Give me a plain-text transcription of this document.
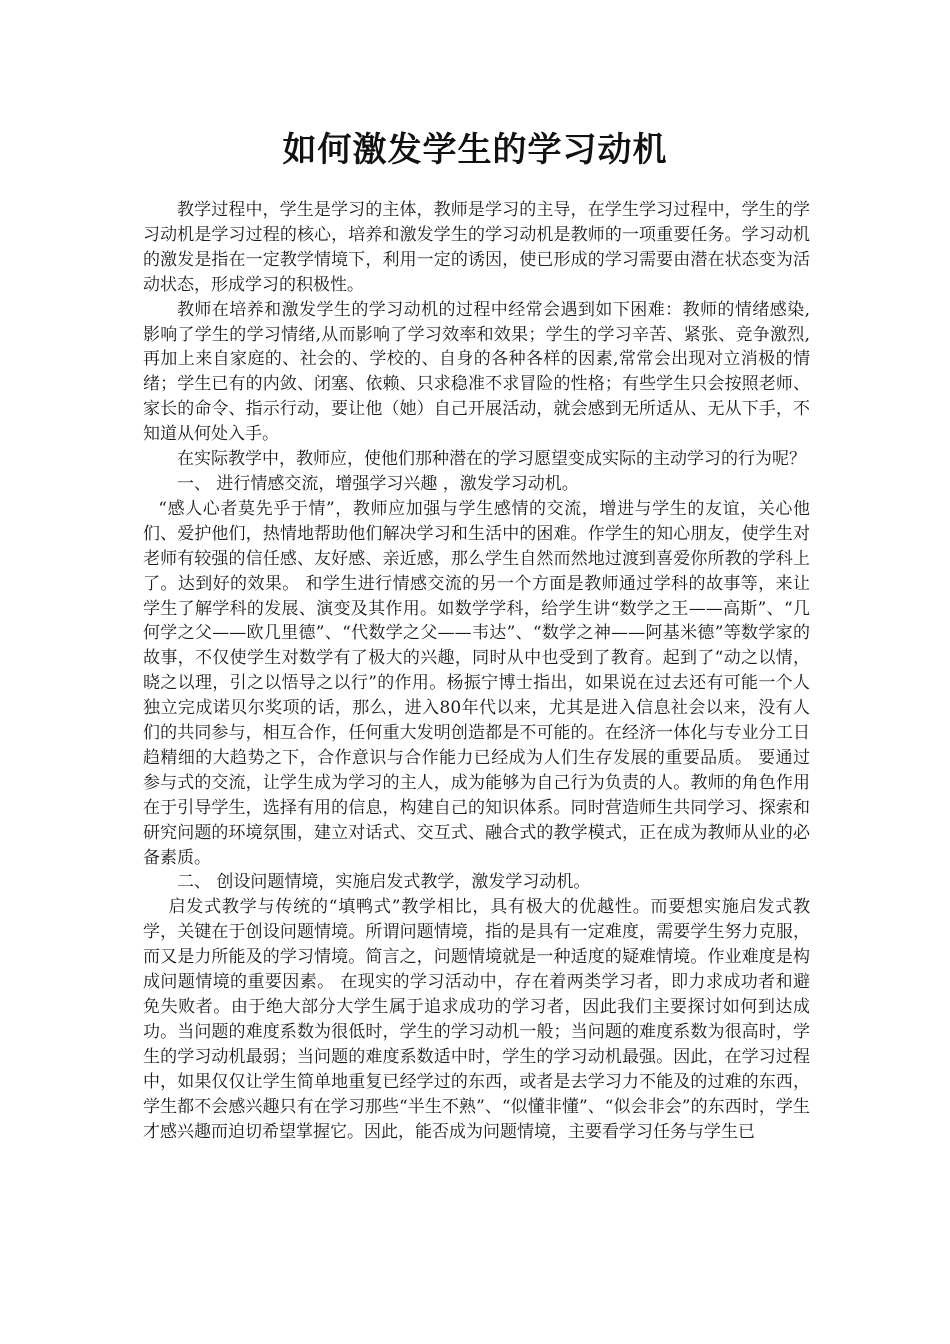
如何激发学生的学习动机

教学过程中，学生是学习的主体，教师是学习的主导，在学生学习过程中，学生的学习动机是学习过程的核心，培养和激发学生的学习动机是教师的一项重要任务。学习动机的激发是指在一定教学情境下，利用一定的诱因，使已形成的学习需要由潜在状态变为活动状态，形成学习的积极性。

教师在培养和激发学生的学习动机的过程中经常会遇到如下困难：教师的情绪感染,影响了学生的学习情绪,从而影响了学习效率和效果；学生的学习辛苦、紧张、竞争激烈,再加上来自家庭的、社会的、学校的、自身的各种各样的因素,常常会出现对立消极的情绪；学生已有的内敛、闭塞、依赖、只求稳准不求冒险的性格；有些学生只会按照老师、家长的命令、指示行动，要让他（她）自己开展活动，就会感到无所适从、无从下手，不知道从何处入手。

在实际教学中，教师应，使他们那种潜在的学习愿望变成实际的主动学习的行为呢？

一、 进行情感交流，增强学习兴趣 ，激发学习动机。

“感人心者莫先乎于情”，教师应加强与学生感情的交流，增进与学生的友谊，关心他们、爱护他们，热情地帮助他们解决学习和生活中的困难。作学生的知心朋友，使学生对老师有较强的信任感、友好感、亲近感，那么学生自然而然地过渡到喜爱你所教的学科上了。达到好的效果。 和学生进行情感交流的另一个方面是教师通过学科的故事等，来让学生了解学科的发展、演变及其作用。如数学学科，给学生讲“数学之王——高斯”、“几何学之父——欧几里德”、“代数学之父——韦达”、“数学之神——阿基米德”等数学家的故事，不仅使学生对数学有了极大的兴趣，同时从中也受到了教育。起到了“动之以情，晓之以理，引之以悟导之以行”的作用。杨振宁博士指出，如果说在过去还有可能一个人独立完成诺贝尔奖项的话，那么，进入80年代以来，尤其是进入信息社会以来，没有人们的共同参与，相互合作，任何重大发明创造都是不可能的。在经济一体化与专业分工日趋精细的大趋势之下，合作意识与合作能力已经成为人们生存发展的重要品质。 要通过参与式的交流，让学生成为学习的主人，成为能够为自己行为负责的人。教师的角色作用在于引导学生，选择有用的信息，构建自己的知识体系。同时营造师生共同学习、探索和研究问题的环境氛围，建立对话式、交互式、融合式的教学模式，正在成为教师从业的必备素质。

二、 创设问题情境，实施启发式教学，激发学习动机。

启发式教学与传统的“填鸭式”教学相比，具有极大的优越性。而要想实施启发式教学，关键在于创设问题情境。所谓问题情境，指的是具有一定难度，需要学生努力克服，而又是力所能及的学习情境。简言之，问题情境就是一种适度的疑难情境。作业难度是构成问题情境的重要因素。 在现实的学习活动中，存在着两类学习者，即力求成功者和避免失败者。由于绝大部分大学生属于追求成功的学习者，因此我们主要探讨如何到达成功。当问题的难度系数为很低时，学生的学习动机一般；当问题的难度系数为很高时，学生的学习动机最弱；当问题的难度系数适中时，学生的学习动机最强。因此，在学习过程中，如果仅仅让学生简单地重复已经学过的东西，或者是去学习力不能及的过难的东西，学生都不会感兴趣只有在学习那些“半生不熟”、“似懂非懂”、“似会非会”的东西时，学生才感兴趣而迫切希望掌握它。因此，能否成为问题情境，主要看学习任务与学生已
